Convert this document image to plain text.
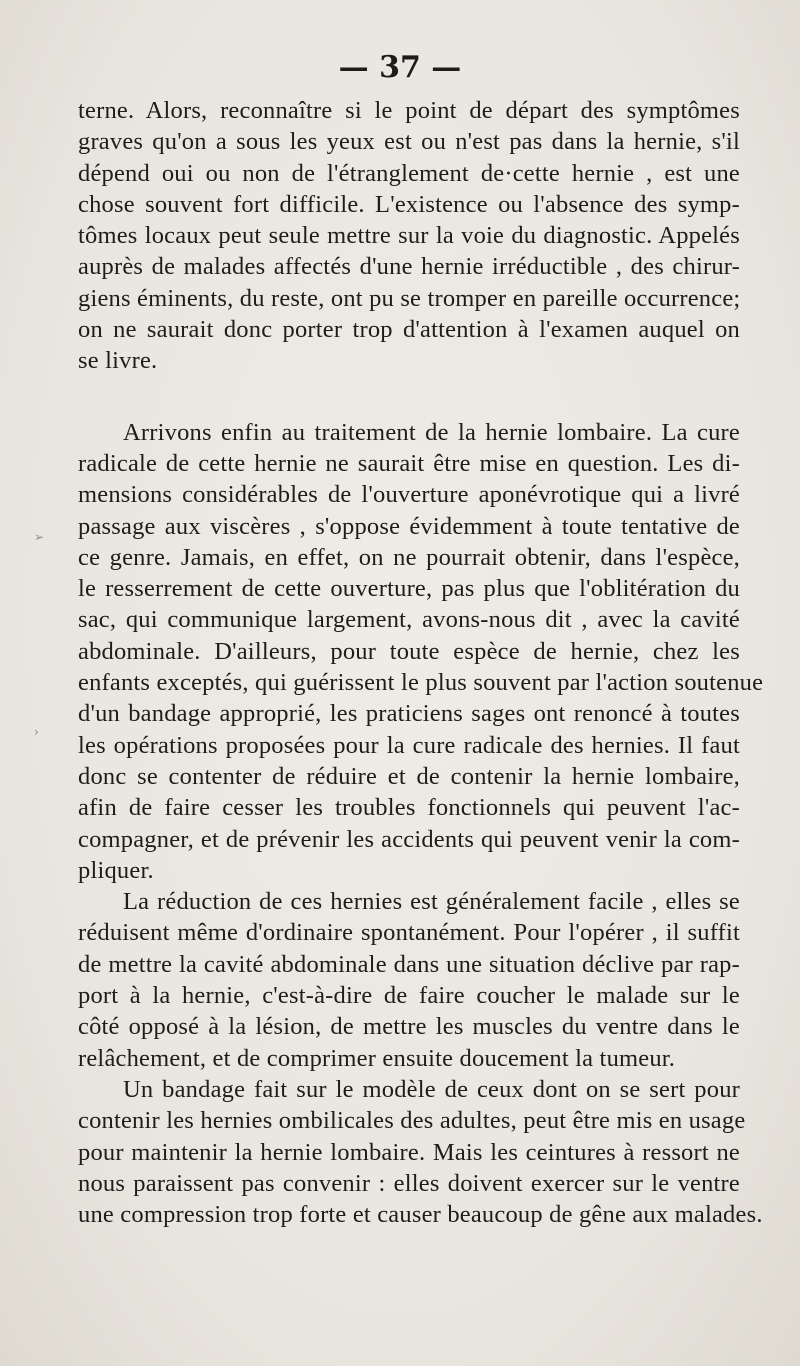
— 37 —
terne. Alors, reconnaître si le point de départ des symptômes
graves qu'on a sous les yeux est ou n'est pas dans la hernie, s'il
dépend oui ou non de l'étranglement de·cette hernie , est une
chose souvent fort difficile. L'existence ou l'absence des symp-
tômes locaux peut seule mettre sur la voie du diagnostic. Appelés
auprès de malades affectés d'une hernie irréductible , des chirur-
giens éminents, du reste, ont pu se tromper en pareille occurrence;
on ne saurait donc porter trop d'attention à l'examen auquel on
se livre.
Arrivons enfin au traitement de la hernie lombaire. La cure
radicale de cette hernie ne saurait être mise en question. Les di-
mensions considérables de l'ouverture aponévrotique qui a livré
passage aux viscères , s'oppose évidemment à toute tentative de
ce genre. Jamais, en effet, on ne pourrait obtenir, dans l'espèce,
le resserrement de cette ouverture, pas plus que l'oblitération du
sac, qui communique largement, avons-nous dit , avec la cavité
abdominale. D'ailleurs, pour toute espèce de hernie, chez les
enfants exceptés, qui guérissent le plus souvent par l'action soutenue
d'un bandage approprié, les praticiens sages ont renoncé à toutes
les opérations proposées pour la cure radicale des hernies. Il faut
donc se contenter de réduire et de contenir la hernie lombaire,
afin de faire cesser les troubles fonctionnels qui peuvent l'ac-
compagner, et de prévenir les accidents qui peuvent venir la com-
pliquer.
La réduction de ces hernies est généralement facile , elles se
réduisent même d'ordinaire spontanément. Pour l'opérer , il suffit
de mettre la cavité abdominale dans une situation déclive par rap-
port à la hernie, c'est-à-dire de faire coucher le malade sur le
côté opposé à la lésion, de mettre les muscles du ventre dans le
relâchement, et de comprimer ensuite doucement la tumeur.
Un bandage fait sur le modèle de ceux dont on se sert pour
contenir les hernies ombilicales des adultes, peut être mis en usage
pour maintenir la hernie lombaire. Mais les ceintures à ressort ne
nous paraissent pas convenir : elles doivent exercer sur le ventre
une compression trop forte et causer beaucoup de gêne aux malades.
➢
›
